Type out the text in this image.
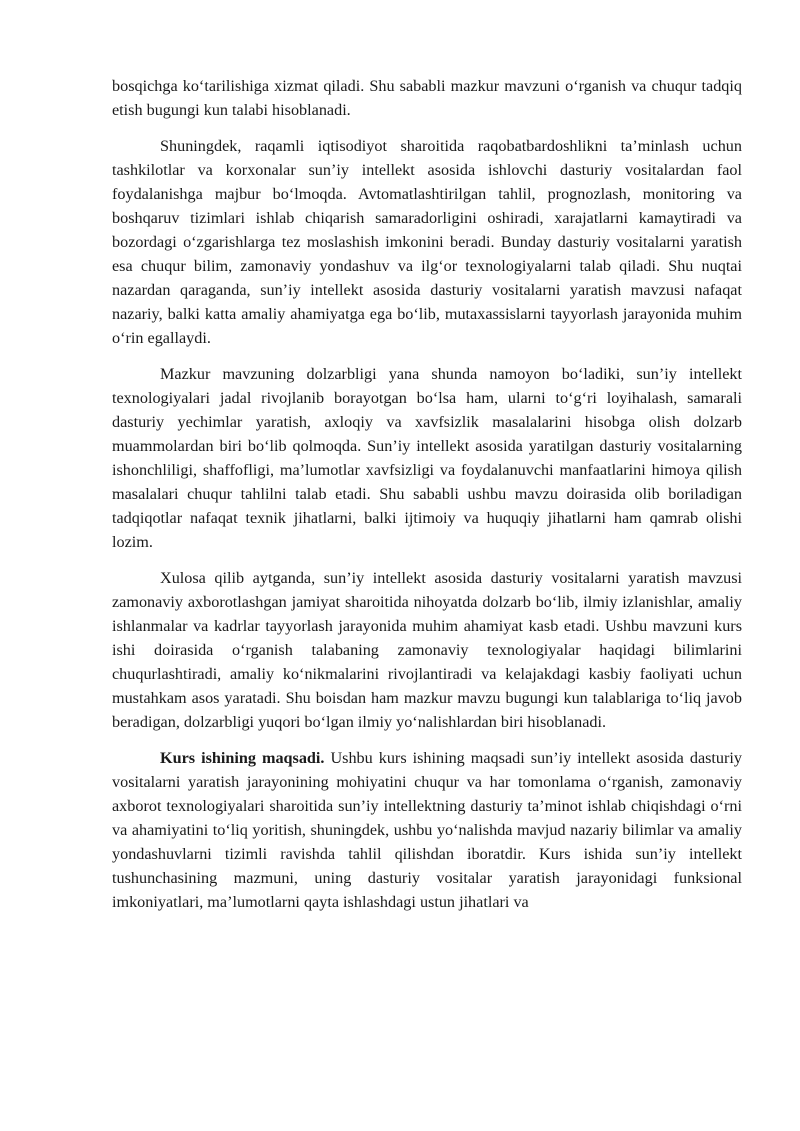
bosqichga ko‘tarilishiga xizmat qiladi. Shu sababli mazkur mavzuni o‘rganish va chuqur tadqiq etish bugungi kun talabi hisoblanadi.

Shuningdek, raqamli iqtisodiyot sharoitida raqobatbardoshlikni ta’minlash uchun tashkilotlar va korxonalar sun’iy intellekt asosida ishlovchi dasturiy vositalardan faol foydalanishga majbur bo‘lmoqda. Avtomatlashtirilgan tahlil, prognozlash, monitoring va boshqaruv tizimlari ishlab chiqarish samaradorligini oshiradi, xarajatlarni kamaytiradi va bozordagi o‘zgarishlarga tez moslashish imkonini beradi. Bunday dasturiy vositalarni yaratish esa chuqur bilim, zamonaviy yondashuv va ilg‘or texnologiyalarni talab qiladi. Shu nuqtai nazardan qaraganda, sun’iy intellekt asosida dasturiy vositalarni yaratish mavzusi nafaqat nazariy, balki katta amaliy ahamiyatga ega bo‘lib, mutaxassislarni tayyorlash jarayonida muhim o‘rin egallaydi.

Mazkur mavzuning dolzarbligi yana shunda namoyon bo‘ladiki, sun’iy intellekt texnologiyalari jadal rivojlanib borayotgan bo‘lsa ham, ularni to‘g‘ri loyihalash, samarali dasturiy yechimlar yaratish, axloqiy va xavfsizlik masalalarini hisobga olish dolzarb muammolardan biri bo‘lib qolmoqda. Sun’iy intellekt asosida yaratilgan dasturiy vositalarning ishonchliligi, shaffofligi, ma’lumotlar xavfsizligi va foydalanuvchi manfaatlarini himoya qilish masalalari chuqur tahlilni talab etadi. Shu sababli ushbu mavzu doirasida olib boriladigan tadqiqotlar nafaqat texnik jihatlarni, balki ijtimoiy va huquqiy jihatlarni ham qamrab olishi lozim.

Xulosa qilib aytganda, sun’iy intellekt asosida dasturiy vositalarni yaratish mavzusi zamonaviy axborotlashgan jamiyat sharoitida nihoyatda dolzarb bo‘lib, ilmiy izlanishlar, amaliy ishlanmalar va kadrlar tayyorlash jarayonida muhim ahamiyat kasb etadi. Ushbu mavzuni kurs ishi doirasida o‘rganish talabaning zamonaviy texnologiyalar haqidagi bilimlarini chuqurlashtiradi, amaliy ko‘nikmalarini rivojlantiradi va kelajakdagi kasbiy faoliyati uchun mustahkam asos yaratadi. Shu boisdan ham mazkur mavzu bugungi kun talablariga to‘liq javob beradigan, dolzarbligi yuqori bo‘lgan ilmiy yo‘nalishlardan biri hisoblanadi.

Kurs ishining maqsadi. Ushbu kurs ishining maqsadi sun’iy intellekt asosida dasturiy vositalarni yaratish jarayonining mohiyatini chuqur va har tomonlama o‘rganish, zamonaviy axborot texnologiyalari sharoitida sun’iy intellektning dasturiy ta’minot ishlab chiqishdagi o‘rni va ahamiyatini to‘liq yoritish, shuningdek, ushbu yo‘nalishda mavjud nazariy bilimlar va amaliy yondashuvlarni tizimli ravishda tahlil qilishdan iboratdir. Kurs ishida sun’iy intellekt tushunchasining mazmuni, uning dasturiy vositalar yaratish jarayonidagi funksional imkoniyatlari, ma’lumotlarni qayta ishlashdagi ustun jihatlari va
